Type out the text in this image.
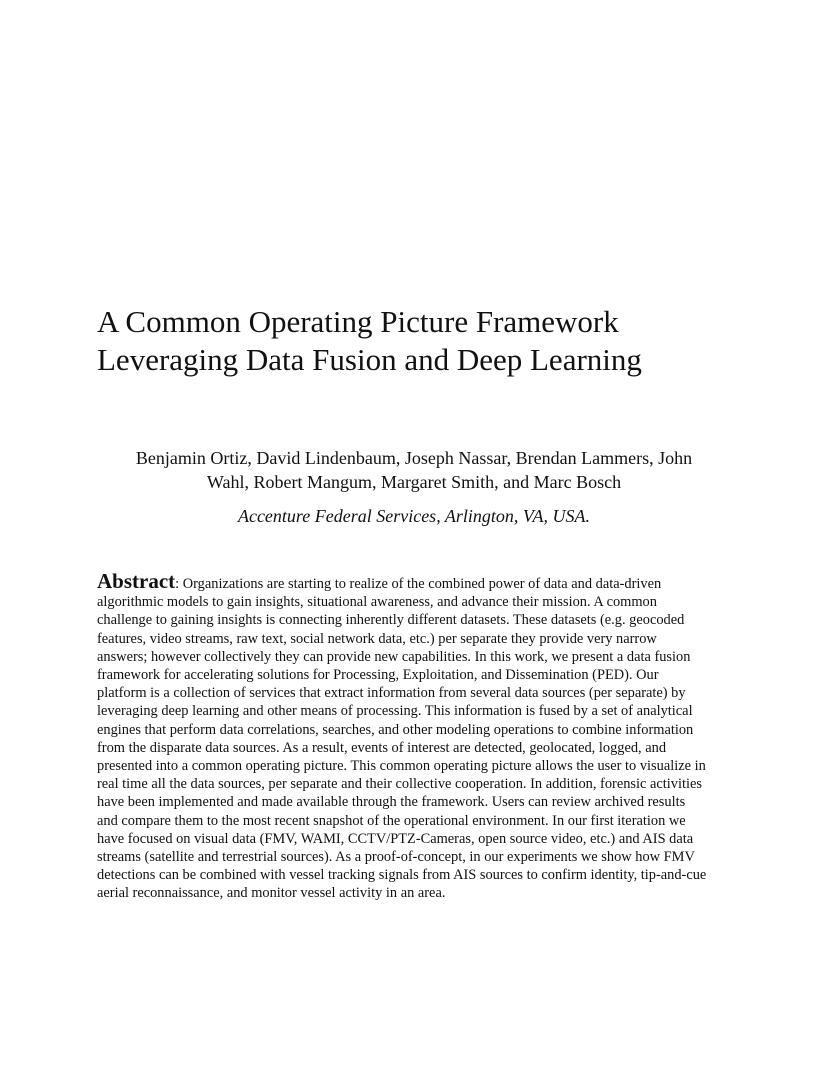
A Common Operating Picture Framework
Leveraging Data Fusion and Deep Learning
Benjamin Ortiz, David Lindenbaum, Joseph Nassar, Brendan Lammers, John
Wahl, Robert Mangum, Margaret Smith, and Marc Bosch
Accenture Federal Services, Arlington, VA, USA.
Abstract: Organizations are starting to realize of the combined power of data and data-driven
algorithmic models to gain insights, situational awareness, and advance their mission. A common
challenge to gaining insights is connecting inherently different datasets. These datasets (e.g. geocoded
features, video streams, raw text, social network data, etc.) per separate they provide very narrow
answers; however collectively they can provide new capabilities. In this work, we present a data fusion
framework for accelerating solutions for Processing, Exploitation, and Dissemination (PED). Our
platform is a collection of services that extract information from several data sources (per separate) by
leveraging deep learning and other means of processing. This information is fused by a set of analytical
engines that perform data correlations, searches, and other modeling operations to combine information
from the disparate data sources. As a result, events of interest are detected, geolocated, logged, and
presented into a common operating picture. This common operating picture allows the user to visualize in
real time all the data sources, per separate and their collective cooperation. In addition, forensic activities
have been implemented and made available through the framework. Users can review archived results
and compare them to the most recent snapshot of the operational environment. In our first iteration we
have focused on visual data (FMV, WAMI, CCTV/PTZ-Cameras, open source video, etc.) and AIS data
streams (satellite and terrestrial sources). As a proof-of-concept, in our experiments we show how FMV
detections can be combined with vessel tracking signals from AIS sources to confirm identity, tip-and-cue
aerial reconnaissance, and monitor vessel activity in an area.
